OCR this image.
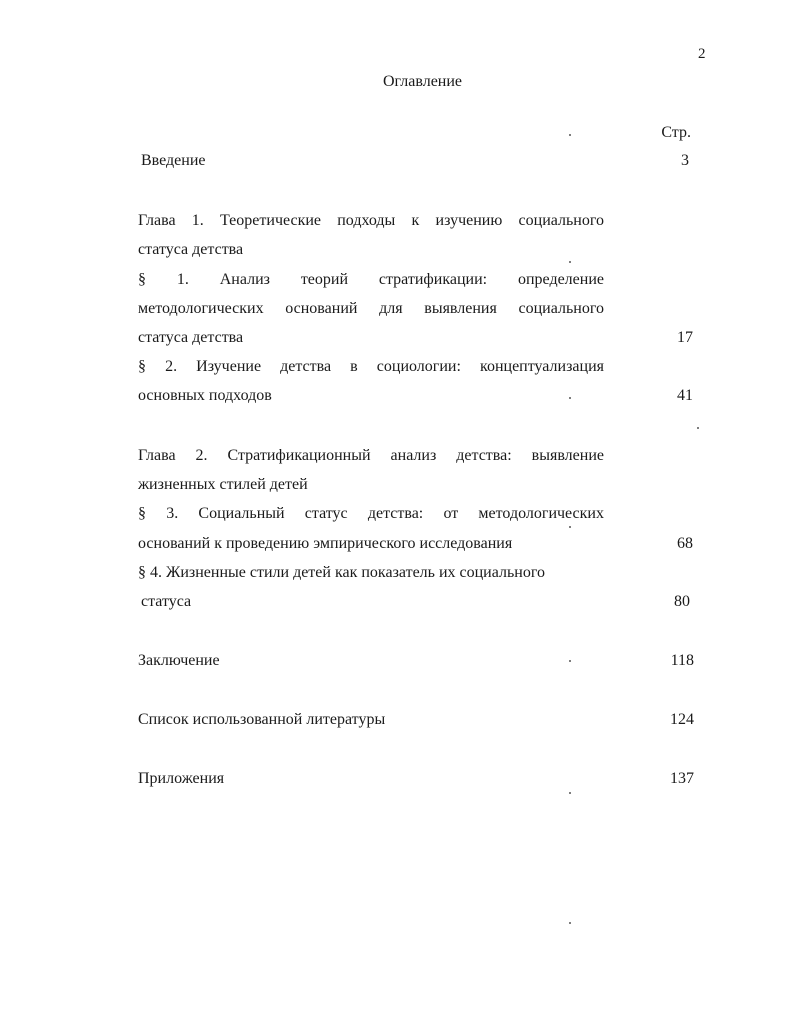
2
Оглавление
Стр.
Введение	3
Глава 1. Теоретические подходы к изучению социального
статуса детства
§ 1. Анализ теорий стратификации: определение
методологических оснований для выявления социального
статуса детства	17
§ 2. Изучение детства в социологии: концептуализация
основных подходов	41
Глава 2. Стратификационный анализ детства: выявление
жизненных стилей детей
§ 3. Социальный статус детства: от методологических
оснований к проведению эмпирического исследования	68
§ 4. Жизненные стили детей как показатель их социального
статуса	80
Заключение	118
Список использованной литературы	124
Приложения	137
